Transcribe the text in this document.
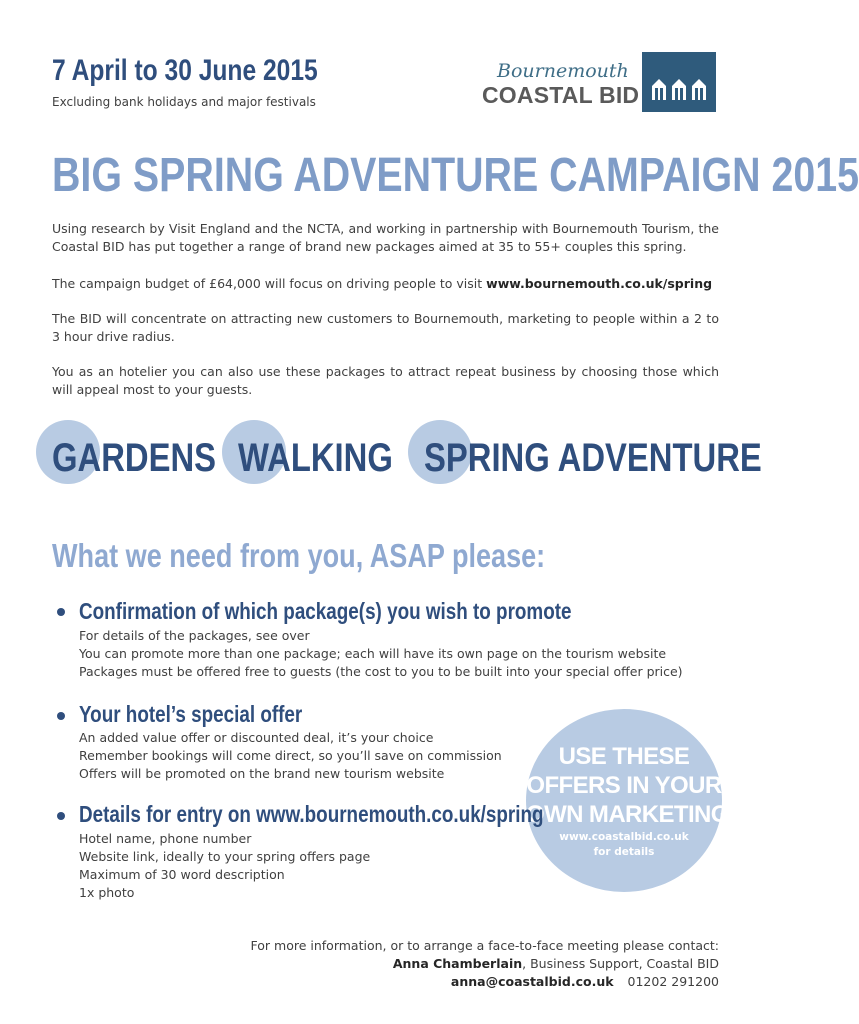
7 April to 30 June 2015
Excluding bank holidays and major festivals
Bournemouth
COASTAL BID
BIG SPRING ADVENTURE CAMPAIGN 2015
Using research by Visit England and the NCTA, and working in partnership with Bournemouth Tourism, the Coastal BID has put together a range of brand new packages aimed at 35 to 55+ couples this spring.
The campaign budget of £64,000 will focus on driving people to visit www.bournemouth.co.uk/spring
The BID will concentrate on attracting new customers to Bournemouth, marketing to people within a 2 to 3 hour drive radius.
You as an hotelier you can also use these packages to attract repeat business by choosing those which will appeal most to your guests.
GARDENS WALKING SPRING ADVENTURE
USE THESE
OFFERS IN YOUR
OWN MARKETING
www.coastalbid.co.uk
for details
What we need from you, ASAP please:
Confirmation of which package(s) you wish to promote
For details of the packages, see over
You can promote more than one package; each will have its own page on the tourism website
Packages must be offered free to guests (the cost to you to be built into your special offer price)
Your hotel’s special offer
An added value offer or discounted deal, it’s your choice
Remember bookings will come direct, so you’ll save on commission
Offers will be promoted on the brand new tourism website
Details for entry on www.bournemouth.co.uk/spring
Hotel name, phone number
Website link, ideally to your spring offers page
Maximum of 30 word description
1x photo
For more information, or to arrange a face-to-face meeting please contact:
Anna Chamberlain, Business Support, Coastal BID
anna@coastalbid.co.uk 01202 291200
